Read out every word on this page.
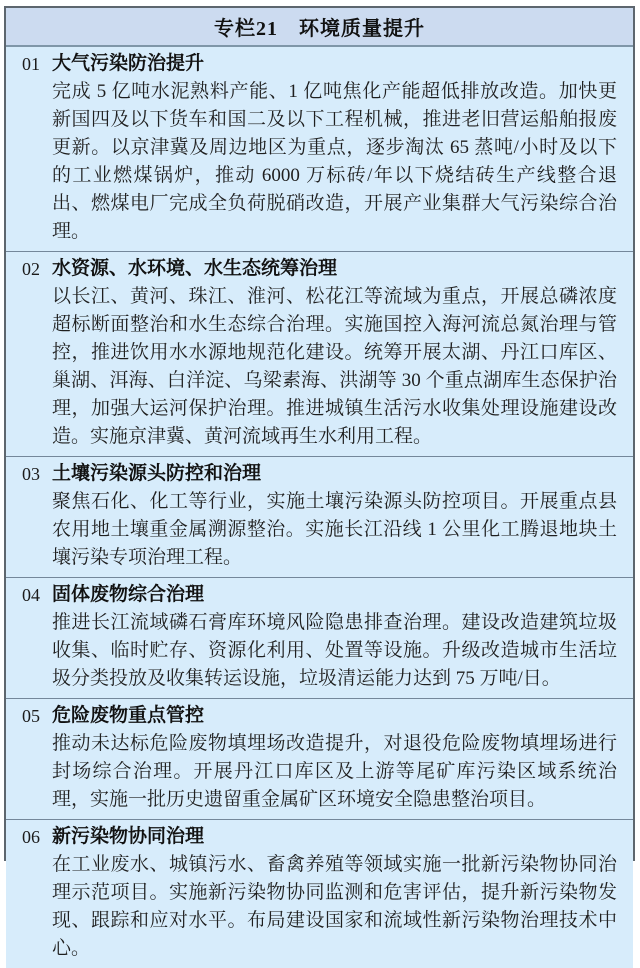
专栏21　环境质量提升
01 大气污染防治提升
完成 5 亿吨水泥熟料产能、1 亿吨焦化产能超低排放改造。加快更新国四及以下货车和国二及以下工程机械，推进老旧营运船舶报废更新。以京津冀及周边地区为重点，逐步淘汰 65 蒸吨/小时及以下的工业燃煤锅炉，推动 6000 万标砖/年以下烧结砖生产线整合退出、燃煤电厂完成全负荷脱硝改造，开展产业集群大气污染综合治理。
02 水资源、水环境、水生态统筹治理
以长江、黄河、珠江、淮河、松花江等流域为重点，开展总磷浓度超标断面整治和水生态综合治理。实施国控入海河流总氮治理与管控，推进饮用水水源地规范化建设。统筹开展太湖、丹江口库区、巢湖、洱海、白洋淀、乌梁素海、洪湖等 30 个重点湖库生态保护治理，加强大运河保护治理。推进城镇生活污水收集处理设施建设改造。实施京津冀、黄河流域再生水利用工程。
03 土壤污染源头防控和治理
聚焦石化、化工等行业，实施土壤污染源头防控项目。开展重点县农用地土壤重金属溯源整治。实施长江沿线 1 公里化工腾退地块土壤污染专项治理工程。
04 固体废物综合治理
推进长江流域磷石膏库环境风险隐患排查治理。建设改造建筑垃圾收集、临时贮存、资源化利用、处置等设施。升级改造城市生活垃圾分类投放及收集转运设施，垃圾清运能力达到 75 万吨/日。
05 危险废物重点管控
推动未达标危险废物填埋场改造提升，对退役危险废物填埋场进行封场综合治理。开展丹江口库区及上游等尾矿库污染区域系统治理，实施一批历史遗留重金属矿区环境安全隐患整治项目。
06 新污染物协同治理
在工业废水、城镇污水、畜禽养殖等领域实施一批新污染物协同治理示范项目。实施新污染物协同监测和危害评估，提升新污染物发现、跟踪和应对水平。布局建设国家和流域性新污染物治理技术中心。
